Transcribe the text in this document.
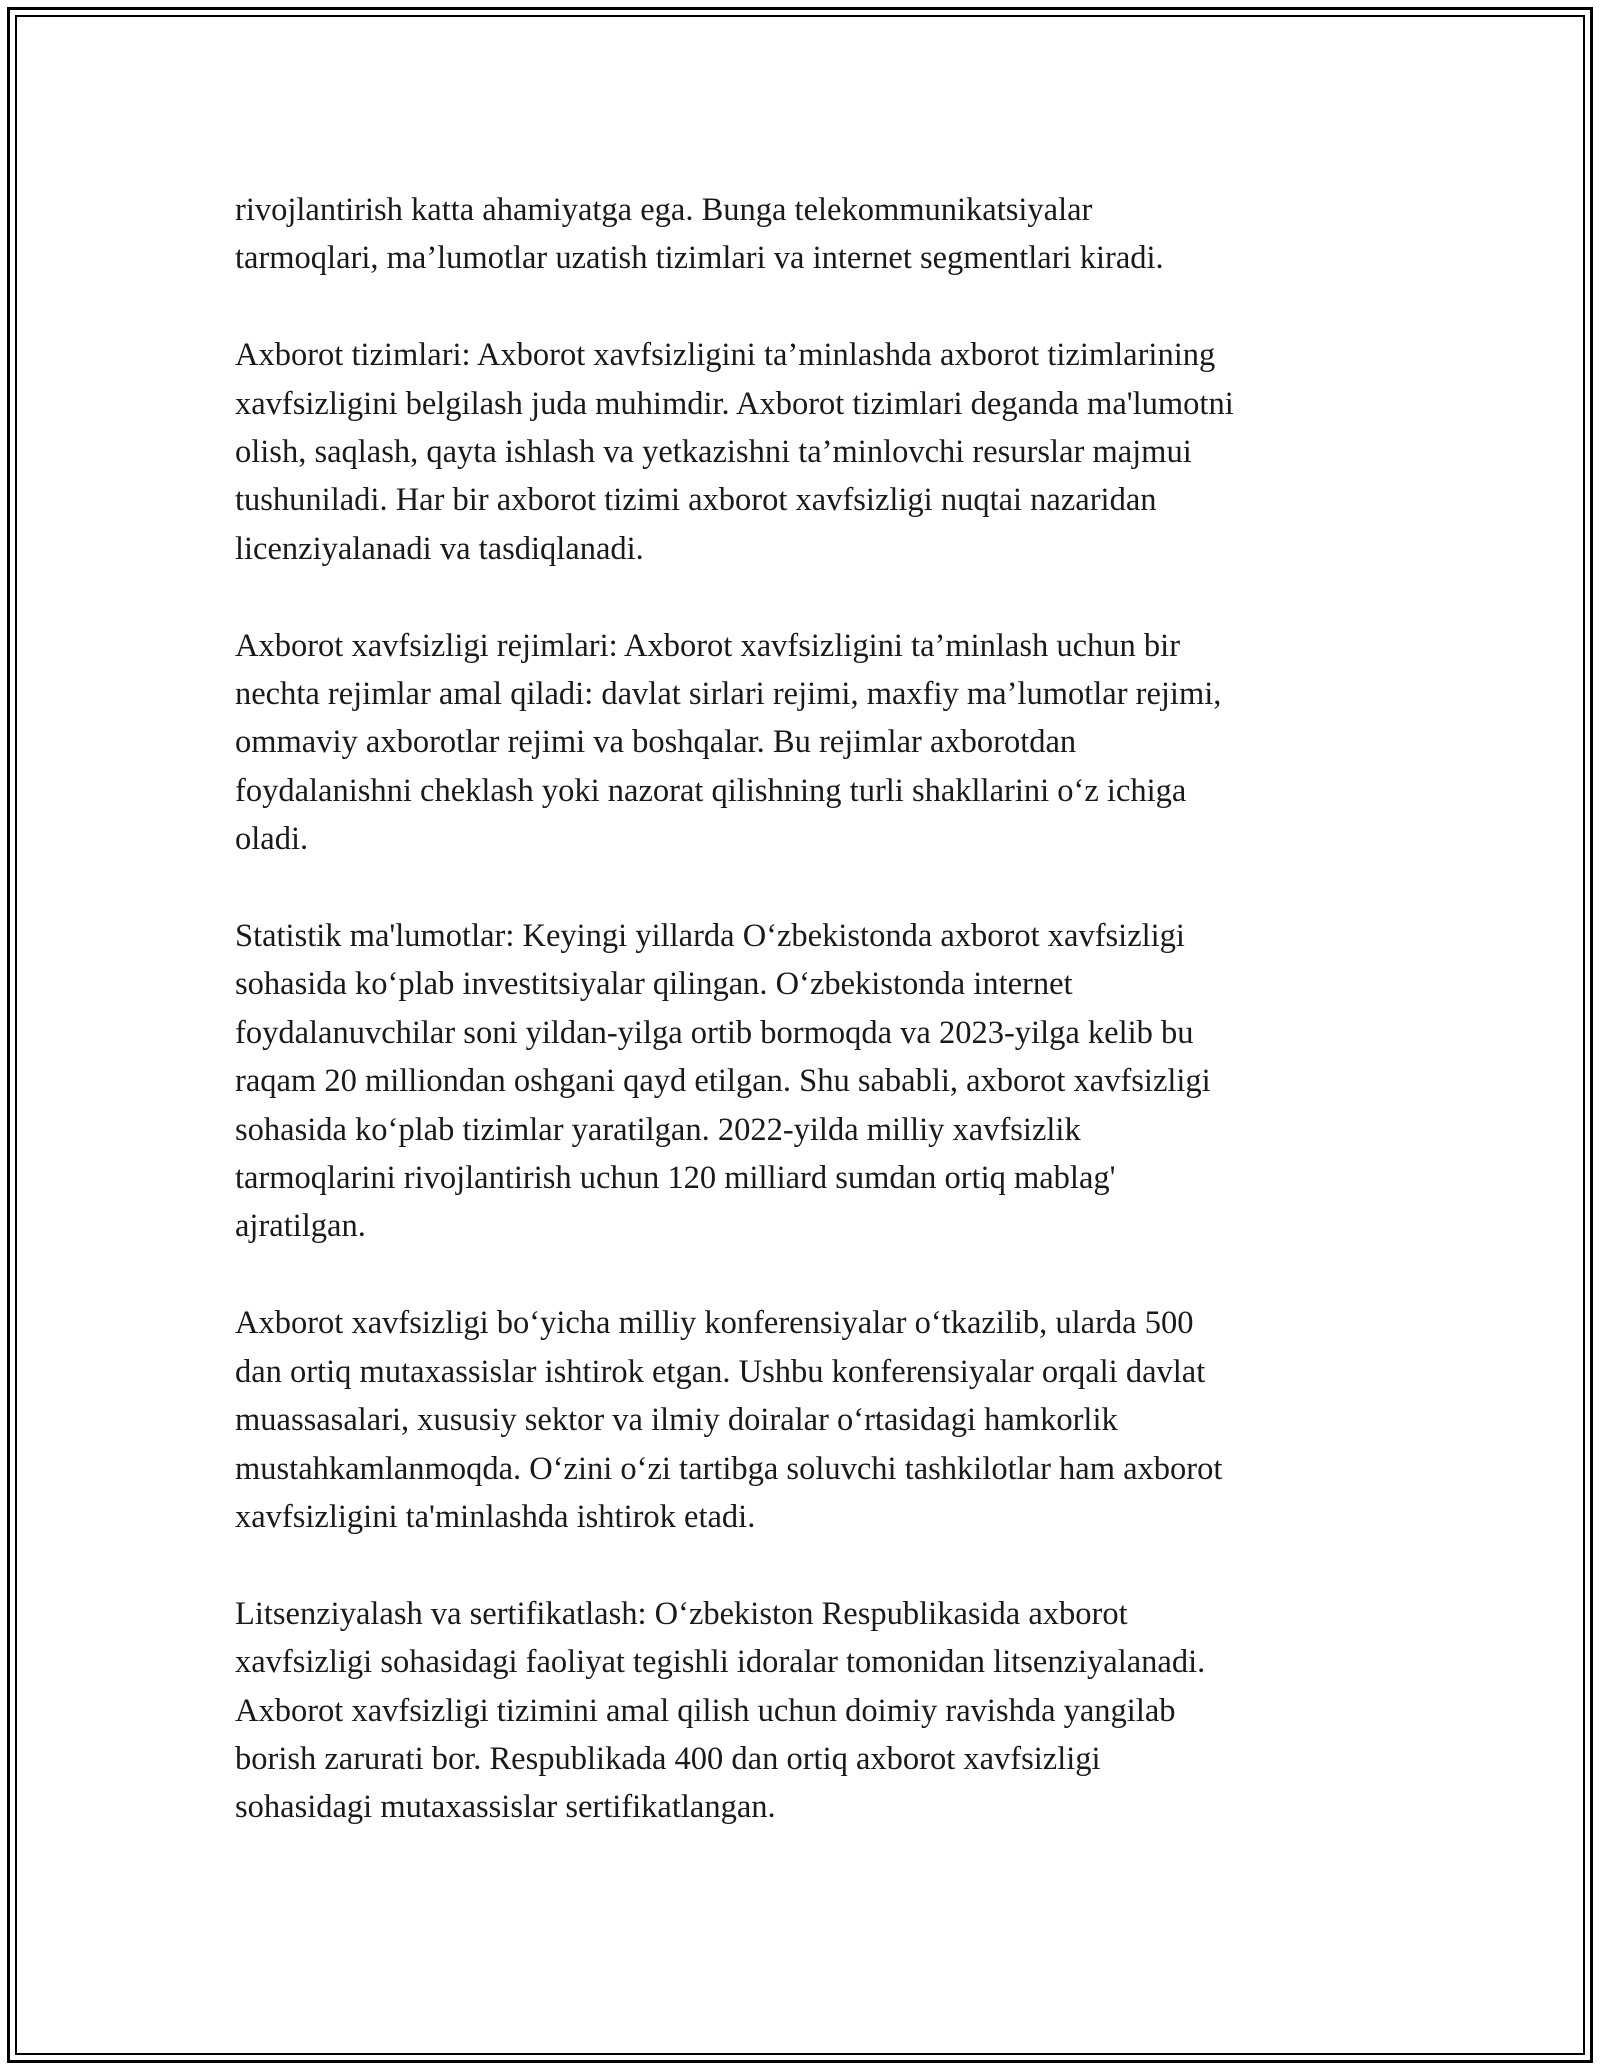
rivojlantirish katta ahamiyatga ega. Bunga telekommunikatsiyalar
tarmoqlari, ma’lumotlar uzatish tizimlari va internet segmentlari kiradi.

Axborot tizimlari: Axborot xavfsizligini ta’minlashda axborot tizimlarining
xavfsizligini belgilash juda muhimdir. Axborot tizimlari deganda ma'lumotni
olish, saqlash, qayta ishlash va yetkazishni ta’minlovchi resurslar majmui
tushuniladi. Har bir axborot tizimi axborot xavfsizligi nuqtai nazaridan
licenziyalanadi va tasdiqlanadi.

Axborot xavfsizligi rejimlari: Axborot xavfsizligini ta’minlash uchun bir
nechta rejimlar amal qiladi: davlat sirlari rejimi, maxfiy ma’lumotlar rejimi,
ommaviy axborotlar rejimi va boshqalar. Bu rejimlar axborotdan
foydalanishni cheklash yoki nazorat qilishning turli shakllarini o‘z ichiga
oladi.

Statistik ma'lumotlar: Keyingi yillarda O‘zbekistonda axborot xavfsizligi
sohasida ko‘plab investitsiyalar qilingan. O‘zbekistonda internet
foydalanuvchilar soni yildan-yilga ortib bormoqda va 2023-yilga kelib bu
raqam 20 milliondan oshgani qayd etilgan. Shu sababli, axborot xavfsizligi
sohasida ko‘plab tizimlar yaratilgan. 2022-yilda milliy xavfsizlik
tarmoqlarini rivojlantirish uchun 120 milliard sumdan ortiq mablag'
ajratilgan.

Axborot xavfsizligi bo‘yicha milliy konferensiyalar o‘tkazilib, ularda 500
dan ortiq mutaxassislar ishtirok etgan. Ushbu konferensiyalar orqali davlat
muassasalari, xususiy sektor va ilmiy doiralar o‘rtasidagi hamkorlik
mustahkamlanmoqda. O‘zini o‘zi tartibga soluvchi tashkilotlar ham axborot
xavfsizligini ta'minlashda ishtirok etadi.

Litsenziyalash va sertifikatlash: O‘zbekiston Respublikasida axborot
xavfsizligi sohasidagi faoliyat tegishli idoralar tomonidan litsenziyalanadi.
Axborot xavfsizligi tizimini amal qilish uchun doimiy ravishda yangilab
borish zarurati bor. Respublikada 400 dan ortiq axborot xavfsizligi
sohasidagi mutaxassislar sertifikatlangan.
